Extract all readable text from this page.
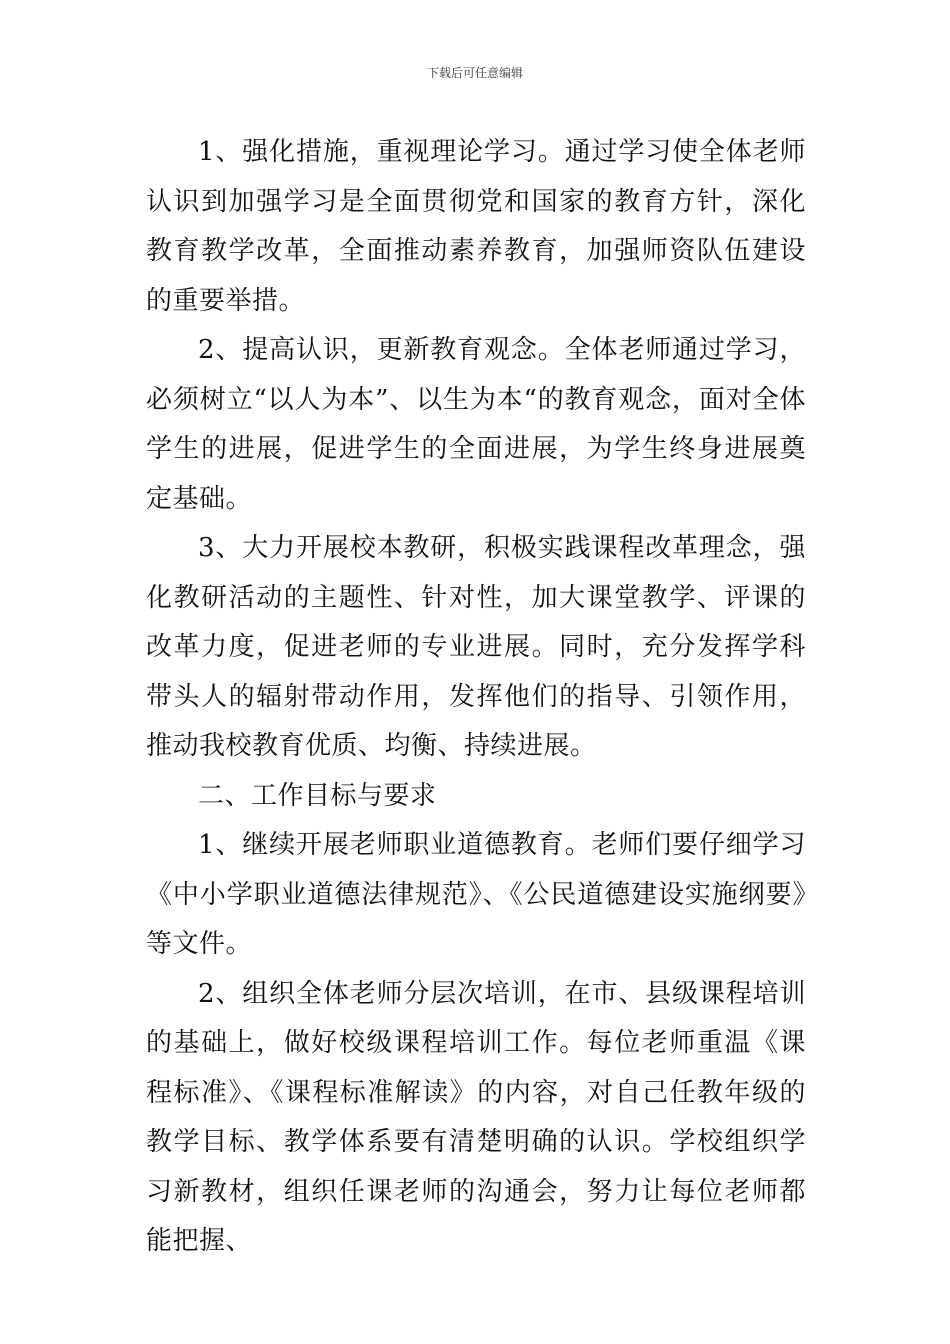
下载后可任意编辑

1、强化措施，重视理论学习。通过学习使全体老师认识到加强学习是全面贯彻党和国家的教育方针，深化教育教学改革，全面推动素养教育，加强师资队伍建设的重要举措。

2、提高认识，更新教育观念。全体老师通过学习，必须树立“以人为本”、以生为本“的教育观念，面对全体学生的进展，促进学生的全面进展，为学生终身进展奠定基础。

3、大力开展校本教研，积极实践课程改革理念，强化教研活动的主题性、针对性，加大课堂教学、评课的改革力度，促进老师的专业进展。同时，充分发挥学科带头人的辐射带动作用，发挥他们的指导、引领作用，推动我校教育优质、均衡、持续进展。

二、工作目标与要求

1、继续开展老师职业道德教育。老师们要仔细学习《中小学职业道德法律规范》、《公民道德建设实施纲要》等文件。

2、组织全体老师分层次培训，在市、县级课程培训的基础上，做好校级课程培训工作。每位老师重温《课程标准》、《课程标准解读》的内容，对自己任教年级的教学目标、教学体系要有清楚明确的认识。学校组织学习新教材，组织任课老师的沟通会，努力让每位老师都能把握、
